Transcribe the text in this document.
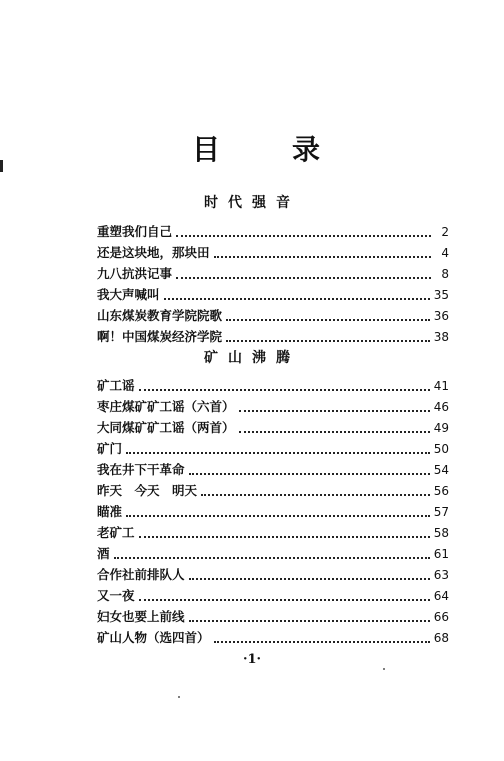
目	录
时代强音
重塑我们自己	2
还是这块地，那块田	4
九八抗洪记事	8
我大声喊叫	35
山东煤炭教育学院院歌	36
啊！中国煤炭经济学院	38
矿山沸腾
矿工谣	41
枣庄煤矿矿工谣（六首）	46
大同煤矿矿工谣（两首）	49
矿门	50
我在井下干革命	54
昨天　今天　明天	56
瞄准	57
老矿工	58
酒	61
合作社前排队人	63
又一夜	64
妇女也要上前线	66
矿山人物（选四首）	68
·1·
